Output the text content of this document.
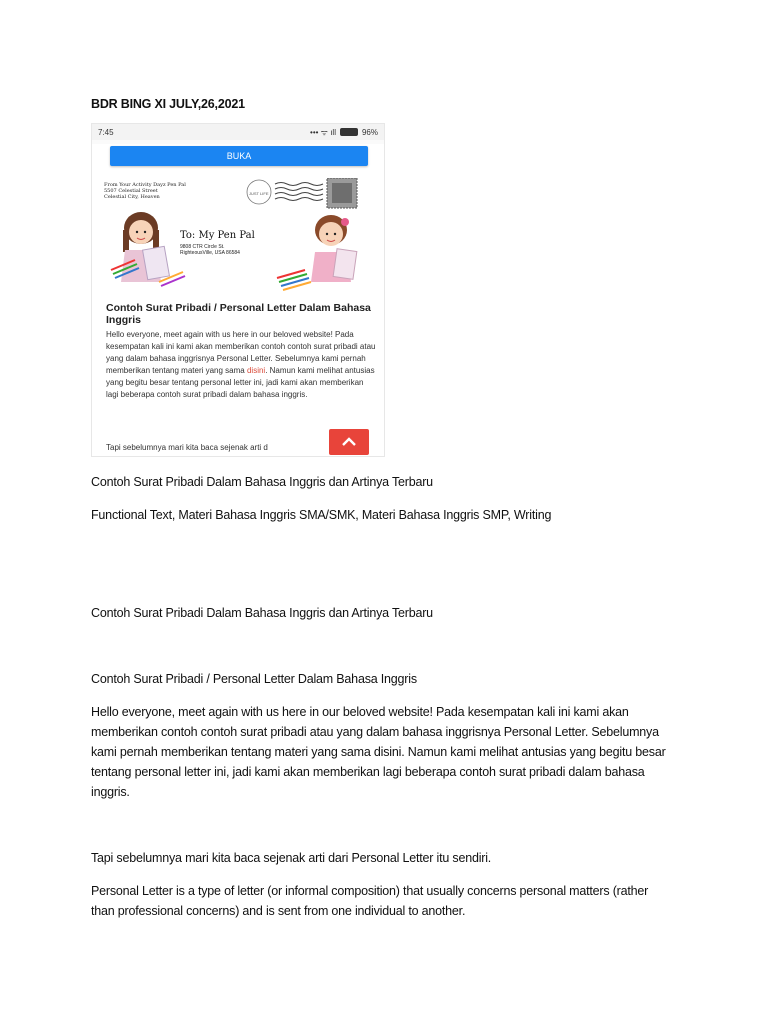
BDR BING XI JULY,26,2021
7:45	••• ᯤ ıll	96%
BUKA
From Your Activity Dayz Pen Pal
5507 Celestial Street
Celestial City, Heaven
JUST LIFE
To: My Pen Pal
9808 CTR Circle St.
RighteousVille, USA 86584
Contoh Surat Pribadi / Personal Letter Dalam Bahasa Inggris
Hello everyone, meet again with us here in our beloved website! Pada kesempatan kali ini kami akan memberikan contoh contoh surat pribadi atau yang dalam bahasa inggrisnya Personal Letter. Sebelumnya kami pernah memberikan tentang materi yang sama disini. Namun kami melihat antusias yang begitu besar tentang personal letter ini, jadi kami akan memberikan lagi beberapa contoh surat pribadi dalam bahasa inggris.
Tapi sebelumnya mari kita baca sejenak arti d
Contoh Surat Pribadi Dalam Bahasa Inggris dan Artinya Terbaru
Functional Text, Materi Bahasa Inggris SMA/SMK, Materi Bahasa Inggris SMP, Writing
Contoh Surat Pribadi Dalam Bahasa Inggris dan Artinya Terbaru
Contoh Surat Pribadi / Personal Letter Dalam Bahasa Inggris
Hello everyone, meet again with us here in our beloved website! Pada kesempatan kali ini kami akan memberikan contoh contoh surat pribadi atau yang dalam bahasa inggrisnya Personal Letter. Sebelumnya kami pernah memberikan tentang materi yang sama disini. Namun kami melihat antusias yang begitu besar tentang personal letter ini, jadi kami akan memberikan lagi beberapa contoh surat pribadi dalam bahasa inggris.
Tapi sebelumnya mari kita baca sejenak arti dari Personal Letter itu sendiri.
Personal Letter is a type of letter (or informal composition) that usually concerns personal matters (rather than professional concerns) and is sent from one individual to another.
